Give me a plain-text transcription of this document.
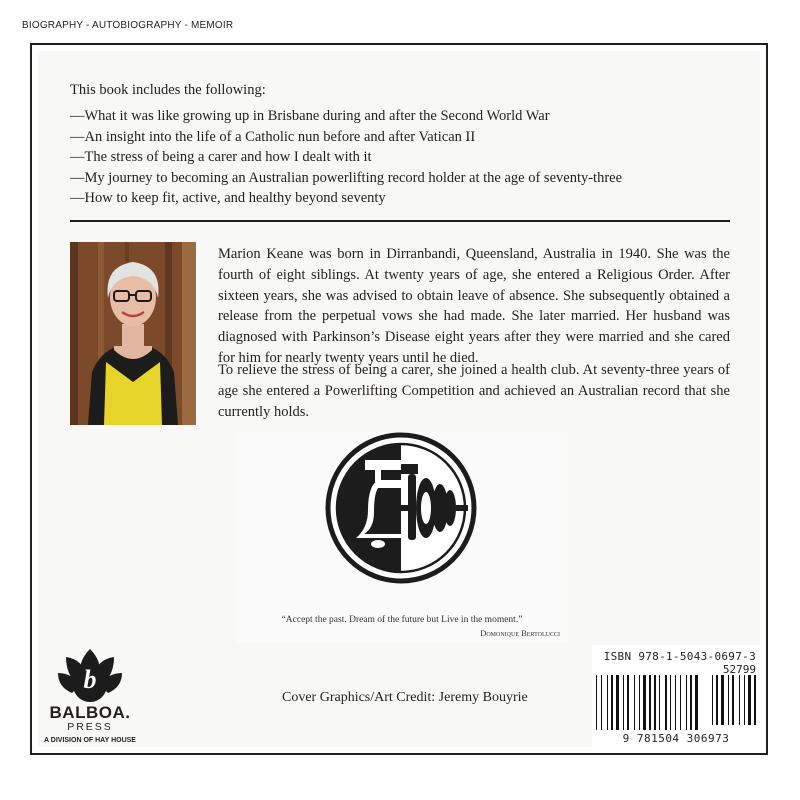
BIOGRAPHY - AUTOBIOGRAPHY - MEMOIR
This book includes the following:
—What it was like growing up in Brisbane during and after the Second World War
—An insight into the life of a Catholic nun before and after Vatican II
—The stress of being a carer and how I dealt with it
—My journey to becoming an Australian powerlifting record holder at the age of seventy-three
—How to keep fit, active, and healthy beyond seventy

Marion Keane was born in Dirranbandi, Queensland, Australia in 1940. She was the fourth of eight siblings. At twenty years of age, she entered a Religious Order. After sixteen years, she was advised to obtain leave of absence. She subsequently obtained a release from the perpetual vows she had made. She later married. Her husband was diagnosed with Parkinson’s Disease eight years after they were married and she cared for him for nearly twenty years until he died.

To relieve the stress of being a carer, she joined a health club. At seventy-three years of age she entered a Powerlifting Competition and achieved an Australian record that she currently holds.

“Accept the past. Dream of the future but Live in the moment.”
Domonique Bertolucci
Cover Graphics/Art Credit: Jeremy Bouyrie
b
BALBOA.
PRESS
A DIVISION OF HAY HOUSE
ISBN 978-1-5043-0697-3
52799
9 781504 306973
